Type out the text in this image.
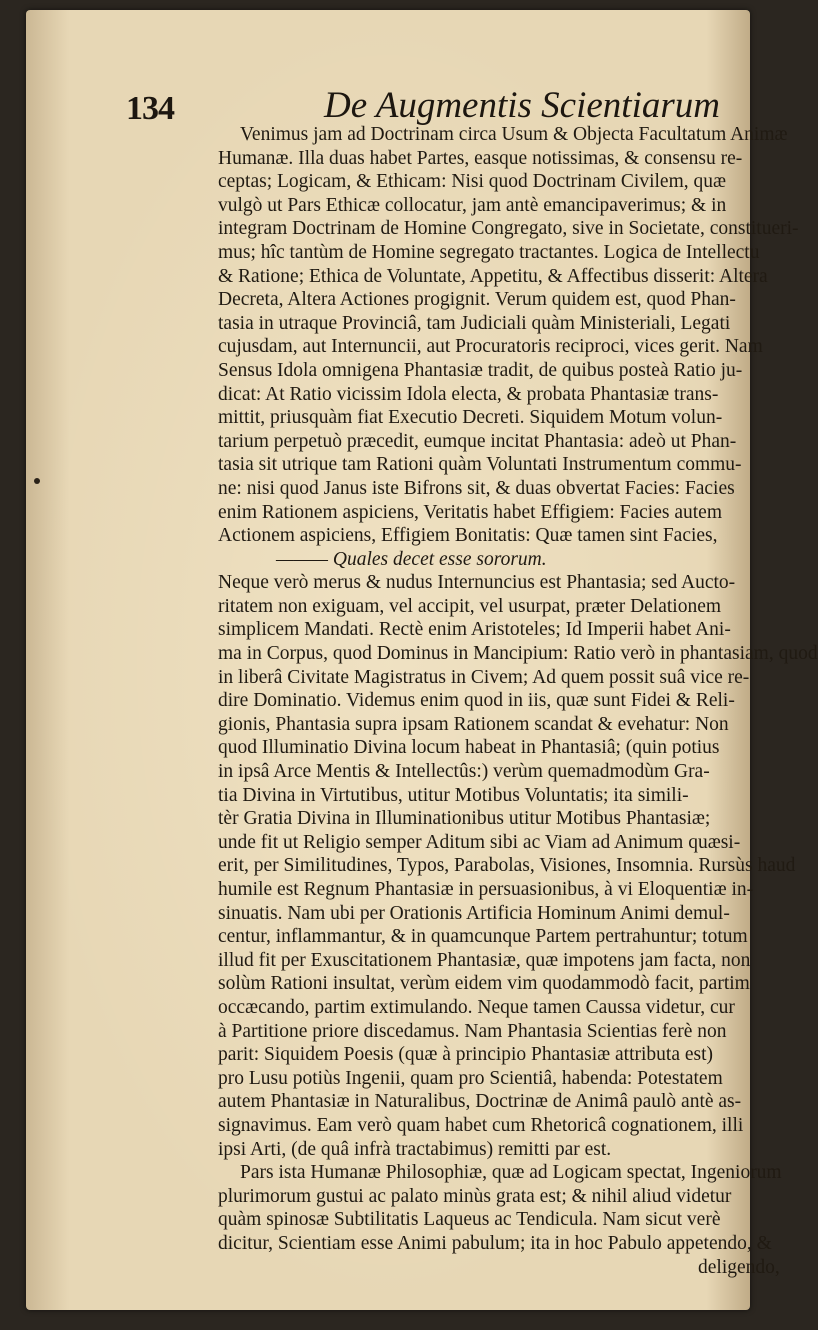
134	De Augmentis Scientiarum
Venimus jam ad Doctrinam circa Usum & Objecta Facultatum Animæ
Humanæ. Illa duas habet Partes, easque notissimas, & consensu re-
ceptas; Logicam, & Ethicam: Nisi quod Doctrinam Civilem, quæ
vulgò ut Pars Ethicæ collocatur, jam antè emancipaverimus; & in
integram Doctrinam de Homine Congregato, sive in Societate, constitueri-
mus; hîc tantùm de Homine segregato tractantes. Logica de Intellectu
& Ratione; Ethica de Voluntate, Appetitu, & Affectibus disserit: Altera
Decreta, Altera Actiones progignit. Verum quidem est, quod Phan-
tasia in utraque Provinciâ, tam Judiciali quàm Ministeriali, Legati
cujusdam, aut Internuncii, aut Procuratoris reciproci, vices gerit. Nam
Sensus Idola omnigena Phantasiæ tradit, de quibus posteà Ratio ju-
dicat: At Ratio vicissim Idola electa, & probata Phantasiæ trans-
mittit, priusquàm fiat Executio Decreti. Siquidem Motum volun-
tarium perpetuò præcedit, eumque incitat Phantasia: adeò ut Phan-
tasia sit utrique tam Rationi quàm Voluntati Instrumentum commu-
ne: nisi quod Janus iste Bifrons sit, & duas obvertat Facies: Facies
enim Rationem aspiciens, Veritatis habet Effigiem: Facies autem
Actionem aspiciens, Effigiem Bonitatis: Quæ tamen sint Facies,
——— Quales decet esse sororum.
Neque verò merus & nudus Internuncius est Phantasia; sed Aucto-
ritatem non exiguam, vel accipit, vel usurpat, præter Delationem
simplicem Mandati. Rectè enim Aristoteles; Id Imperii habet Ani-
ma in Corpus, quod Dominus in Mancipium: Ratio verò in phantasiam, quod
in liberâ Civitate Magistratus in Civem; Ad quem possit suâ vice re-
dire Dominatio. Videmus enim quod in iis, quæ sunt Fidei & Reli-
gionis, Phantasia supra ipsam Rationem scandat & evehatur: Non
quod Illuminatio Divina locum habeat in Phantasiâ; (quin potius
in ipsâ Arce Mentis & Intellectûs:) verùm quemadmodùm Gra-
tia Divina in Virtutibus, utitur Motibus Voluntatis; ita simili-
tèr Gratia Divina in Illuminationibus utitur Motibus Phantasiæ;
unde fit ut Religio semper Aditum sibi ac Viam ad Animum quæsi-
erit, per Similitudines, Typos, Parabolas, Visiones, Insomnia. Rursùs haud
humile est Regnum Phantasiæ in persuasionibus, à vi Eloquentiæ in-
sinuatis. Nam ubi per Orationis Artificia Hominum Animi demul-
centur, inflammantur, & in quamcunque Partem pertrahuntur; totum
illud fit per Exuscitationem Phantasiæ, quæ impotens jam facta, non
solùm Rationi insultat, verùm eidem vim quodammodò facit, partim
occæcando, partim extimulando. Neque tamen Caussa videtur, cur
à Partitione priore discedamus. Nam Phantasia Scientias ferè non
parit: Siquidem Poesis (quæ à principio Phantasiæ attributa est)
pro Lusu potiùs Ingenii, quam pro Scientiâ, habenda: Potestatem
autem Phantasiæ in Naturalibus, Doctrinæ de Animâ paulò antè as-
signavimus. Eam verò quam habet cum Rhetoricâ cognationem, illi
ipsi Arti, (de quâ infrà tractabimus) remitti par est.
Pars ista Humanæ Philosophiæ, quæ ad Logicam spectat, Ingeniorum
plurimorum gustui ac palato minùs grata est; & nihil aliud videtur
quàm spinosæ Subtilitatis Laqueus ac Tendicula. Nam sicut verè
dicitur, Scientiam esse Animi pabulum; ita in hoc Pabulo appetendo, &
deligendo,
